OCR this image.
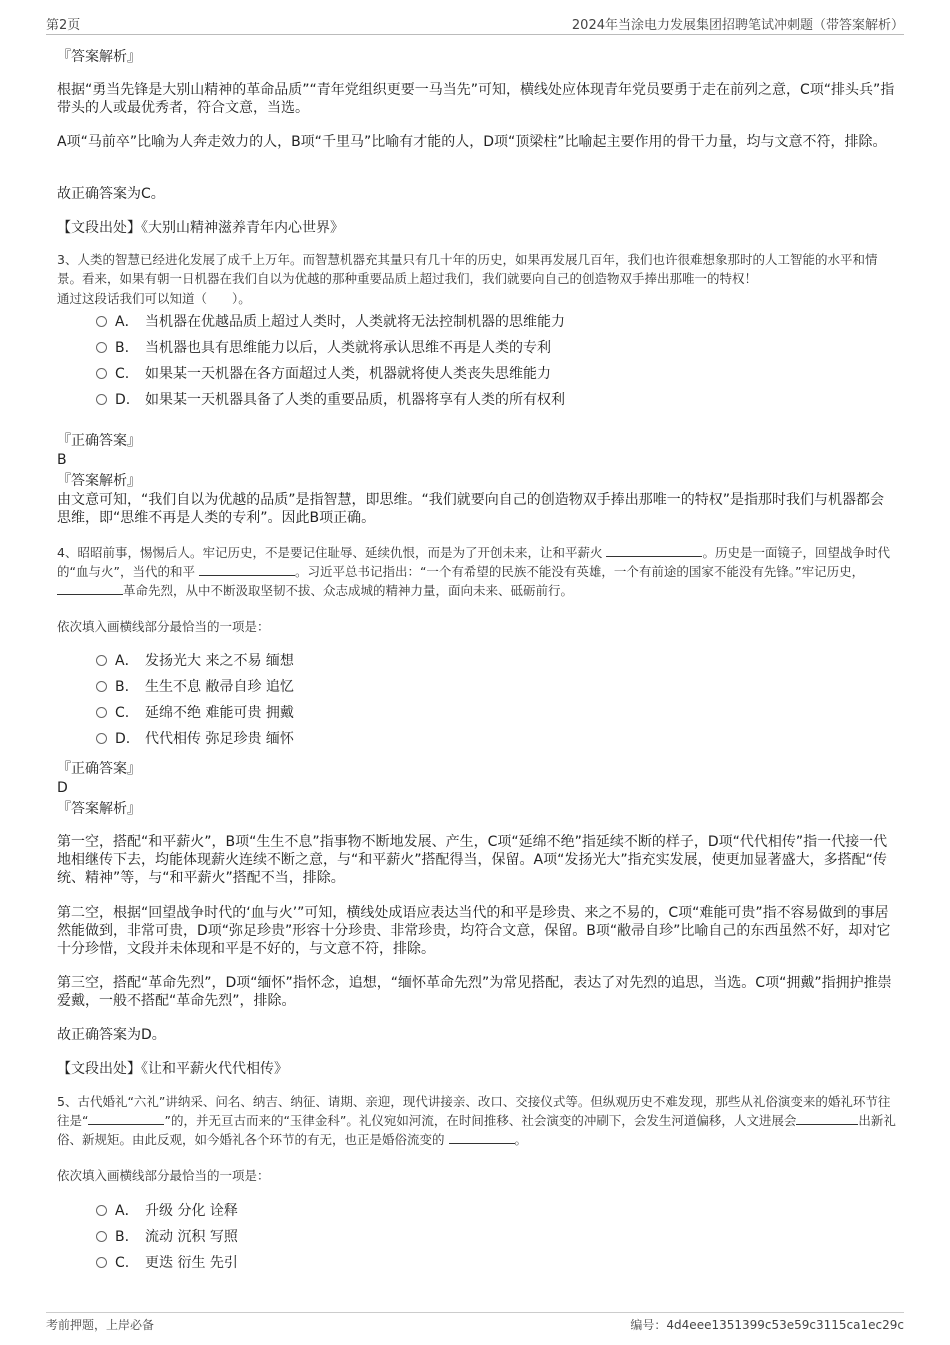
第2页	2024年当涂电力发展集团招聘笔试冲刺题（带答案解析）

『答案解析』

根据“勇当先锋是大别山精神的革命品质”“青年党组织更要一马当先”可知，横线处应体现青年党员要勇于走在前列之意，C项“排头兵”指带头的人或最优秀者，符合文意，当选。

A项“马前卒”比喻为人奔走效力的人，B项“千里马”比喻有才能的人，D项“顶梁柱”比喻起主要作用的骨干力量，均与文意不符，排除。

故正确答案为C。

【文段出处】《大别山精神滋养青年内心世界》

3、人类的智慧已经进化发展了成千上万年。而智慧机器充其量只有几十年的历史，如果再发展几百年，我们也许很难想象那时的人工智能的水平和情景。看来，如果有朝一日机器在我们自以为优越的那种重要品质上超过我们，我们就要向自己的创造物双手捧出那唯一的特权！

通过这段话我们可以知道（　　）。

A． 当机器在优越品质上超过人类时，人类就将无法控制机器的思维能力
B. 当机器也具有思维能力以后，人类就将承认思维不再是人类的专利
C. 如果某一天机器在各方面超过人类，机器就将使人类丧失思维能力
D. 如果某一天机器具备了人类的重要品质，机器将享有人类的所有权利

『正确答案』

B

『答案解析』

由文意可知，“我们自以为优越的品质”是指智慧，即思维。“我们就要向自己的创造物双手捧出那唯一的特权”是指那时我们与机器都会思维，即“思维不再是人类的专利”。因此B项正确。

4、昭昭前事，惕惕后人。牢记历史，不是要记住耻辱、延续仇恨，而是为了开创未来，让和平薪火	。历史是一面镜子，回望战争时代的“血与火”，当代的和平	。习近平总书记指出：“一个有希望的民族不能没有英雄，一个有前途的国家不能没有先锋。”牢记历史， 革命先烈，从中不断汲取坚韧不拔、众志成城的精神力量，面向未来、砥砺前行。

依次填入画横线部分最恰当的一项是：

A． 发扬光大 来之不易 缅想
B. 生生不息 敝帚自珍 追忆
C. 延绵不绝 难能可贵 拥戴
D. 代代相传 弥足珍贵 缅怀

『正确答案』

D

『答案解析』

第一空，搭配“和平薪火”，B项“生生不息”指事物不断地发展、产生，C项“延绵不绝”指延续不断的样子，D项“代代相传”指一代接一代地相继传下去，均能体现薪火连续不断之意，与“和平薪火”搭配得当，保留。A项“发扬光大”指充实发展，使更加显著盛大，多搭配“传统、精神”等，与“和平薪火”搭配不当，排除。

第二空，根据“回望战争时代的‘血与火’”可知，横线处成语应表达当代的和平是珍贵、来之不易的，C项“难能可贵”指不容易做到的事居然能做到，非常可贵，D项“弥足珍贵”形容十分珍贵、非常珍贵，均符合文意，保留。B项“敝帚自珍”比喻自己的东西虽然不好，却对它十分珍惜，文段并未体现和平是不好的，与文意不符，排除。

第三空，搭配“革命先烈”，D项“缅怀”指怀念，追想，“缅怀革命先烈”为常见搭配，表达了对先烈的追思，当选。C项“拥戴”指拥护推崇爱戴，一般不搭配“革命先烈”，排除。

故正确答案为D。

【文段出处】《让和平薪火代代相传》

5、古代婚礼“六礼”讲纳采、问名、纳吉、纳征、请期、亲迎，现代讲接亲、改口、交接仪式等。但纵观历史不难发现，那些从礼俗演变来的婚礼环节往往是“	”的，并无亘古而来的“玉律金科”。礼仪宛如河流，在时间推移、社会演变的冲刷下，会发生河道偏移，人文进展会	出新礼俗、新规矩。由此反观，如今婚礼各个环节的有无，也正是婚俗流变的	。

依次填入画横线部分最恰当的一项是：

A． 升级 分化 诠释
B. 流动 沉积 写照
C. 更迭 衍生 先引
考前押题，上岸必备	编号：4d4eee1351399c53e59c3115ca1ec29c
